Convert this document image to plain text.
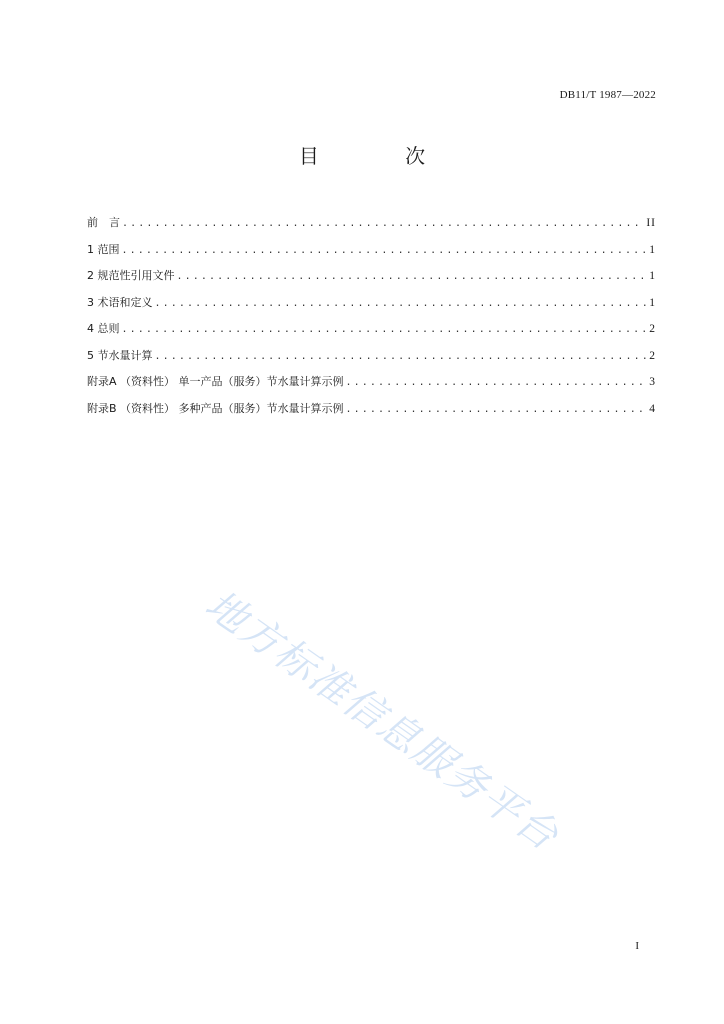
DB11/T 1987—2022
目 次
前　言 .....	II
1 范围 .....	1
2 规范性引用文件 .....	1
3 术语和定义 .....	1
4 总则 .....	2
5 节水量计算 .....	2
附录A （资料性） 单一产品（服务）节水量计算示例 .....	3
附录B （资料性） 多种产品（服务）节水量计算示例 .....	4
地方标准信息服务平台
I
